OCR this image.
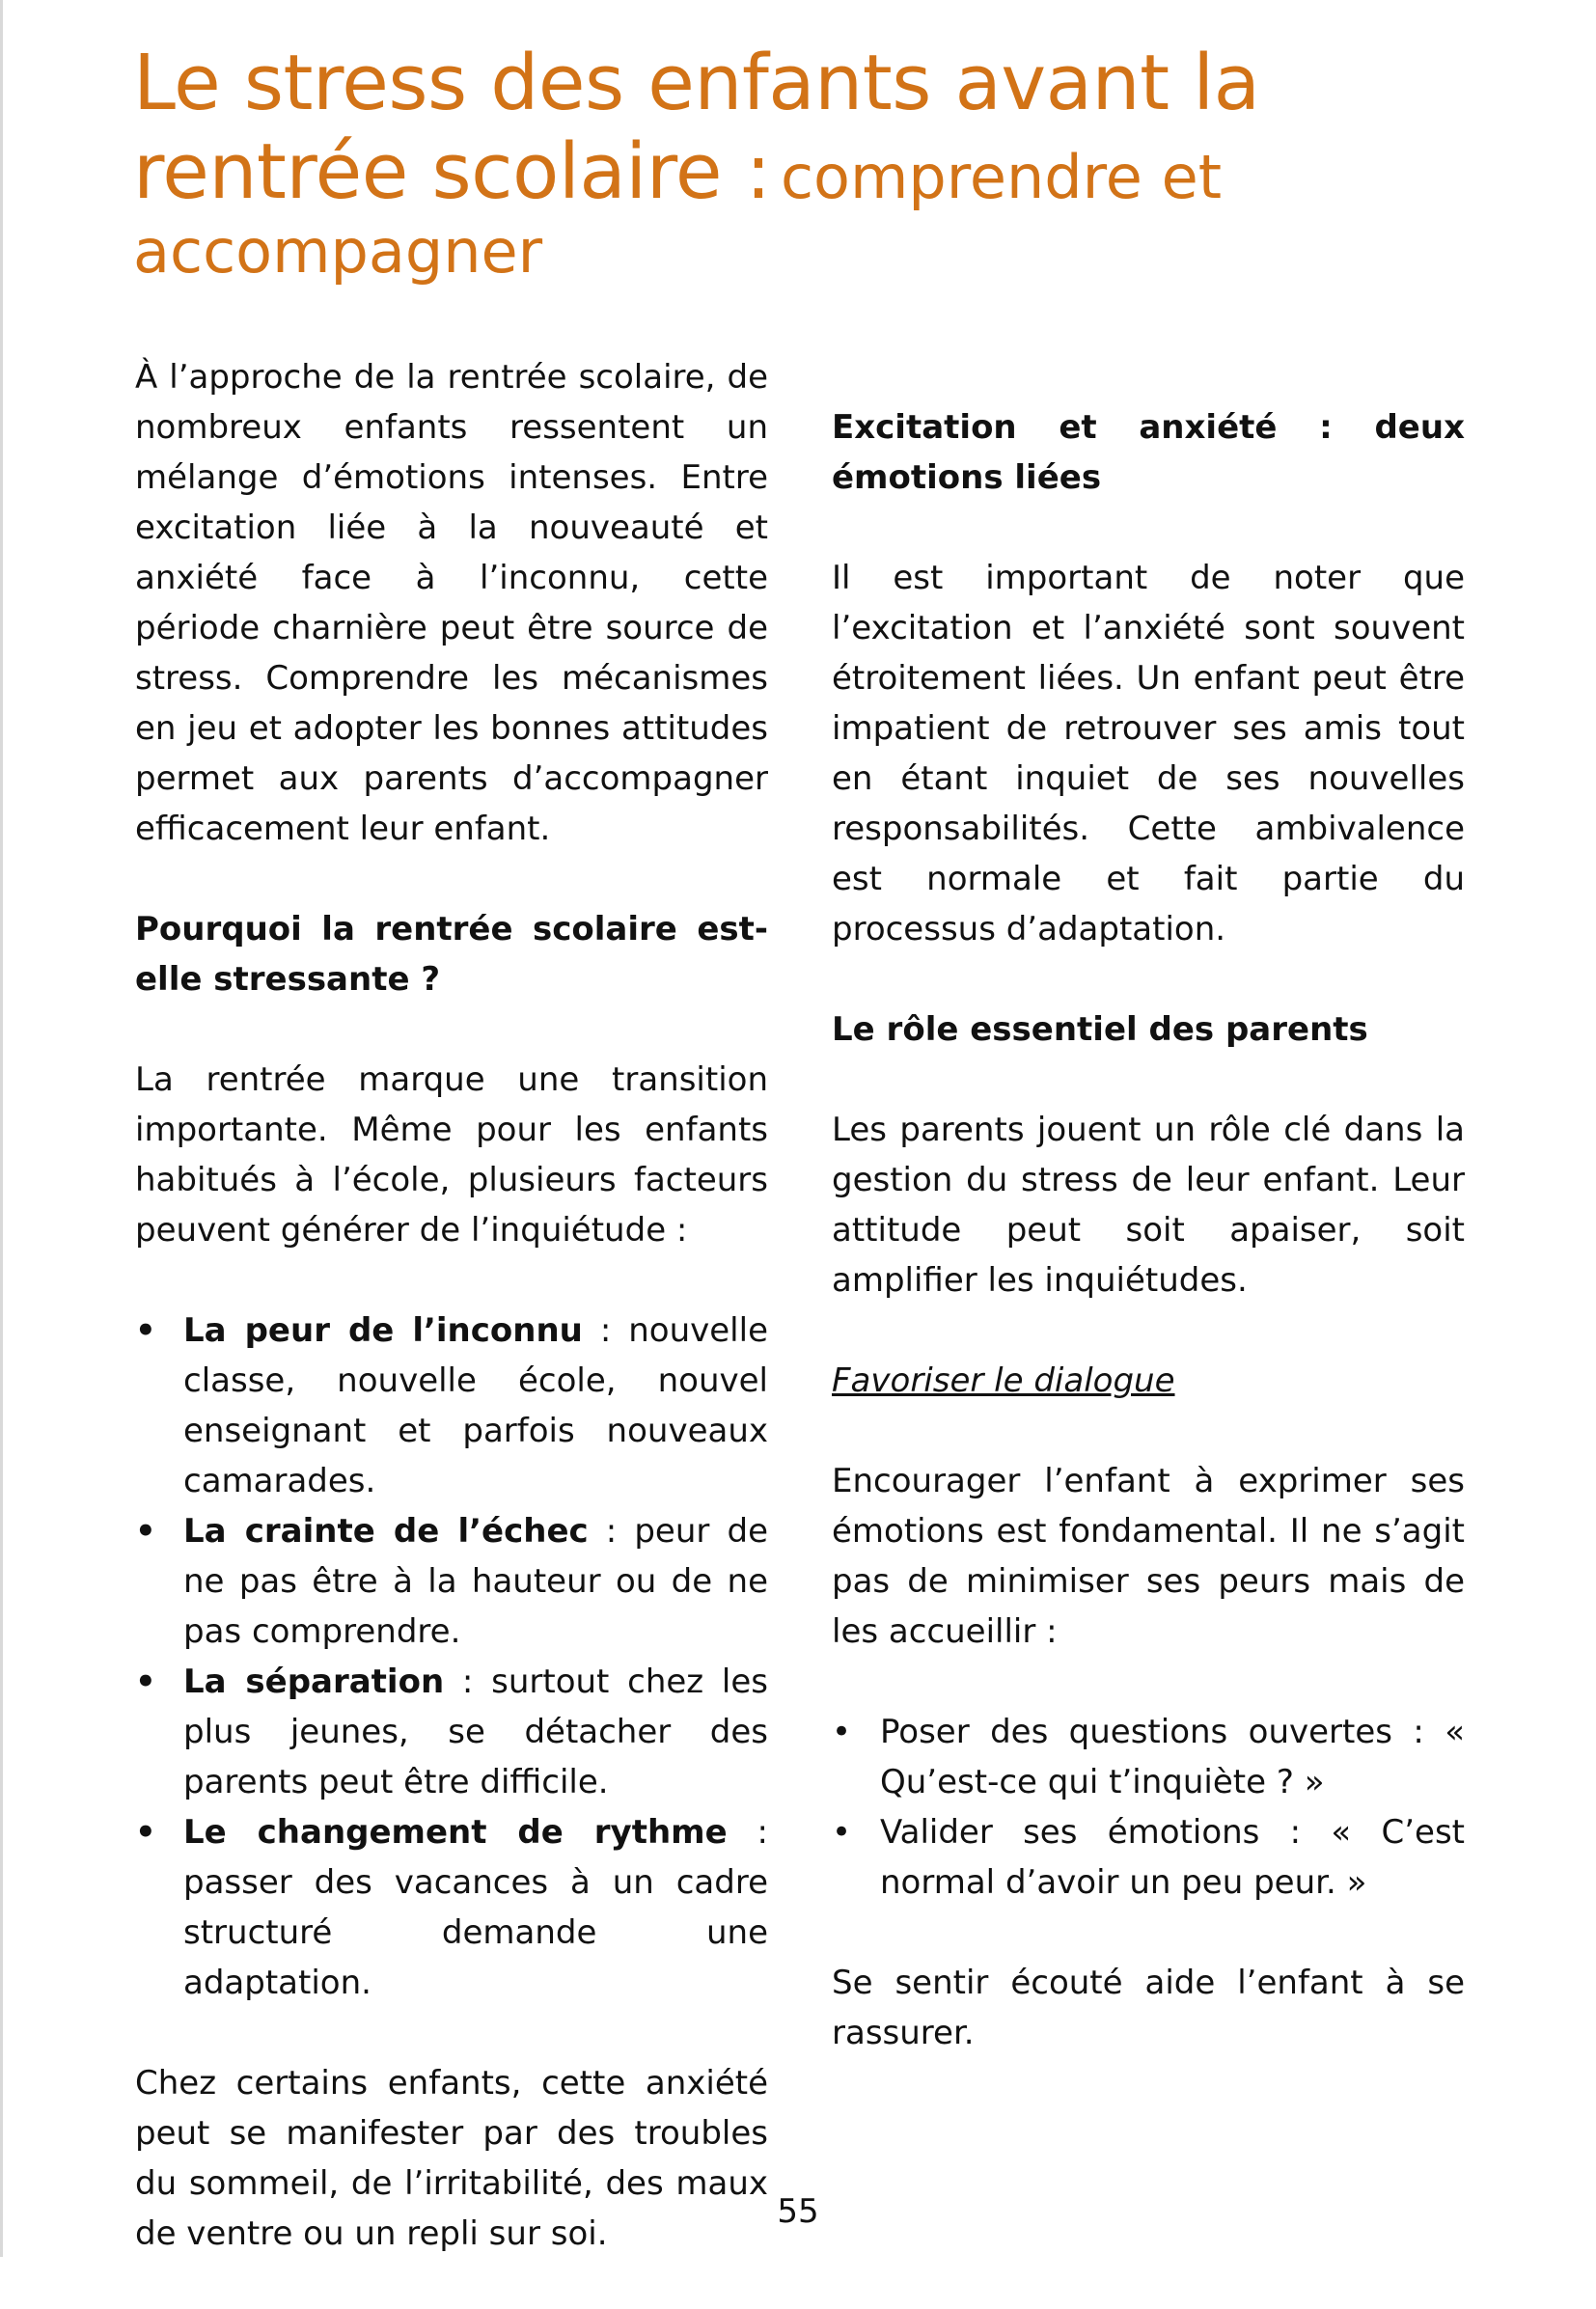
Le stress des enfants avant la rentrée scolaire : comprendre et accompagner

À l’approche de la rentrée scolaire, de nombreux enfants ressentent un mélange d’émotions intenses. Entre excitation liée à la nouveauté et anxiété face à l’inconnu, cette période charnière peut être source de stress. Comprendre les mécanismes en jeu et adopter les bonnes attitudes permet aux parents d’accompagner efficacement leur enfant.

Pourquoi la rentrée scolaire est-elle stressante ?

La rentrée marque une transition importante. Même pour les enfants habitués à l’école, plusieurs facteurs peuvent générer de l’inquiétude :

• La peur de l’inconnu : nouvelle classe, nouvelle école, nouvel enseignant et parfois nouveaux camarades.
• La crainte de l’échec : peur de ne pas être à la hauteur ou de ne pas comprendre.
• La séparation : surtout chez les plus jeunes, se détacher des parents peut être difficile.
• Le changement de rythme : passer des vacances à un cadre structuré demande une adaptation.

Chez certains enfants, cette anxiété peut se manifester par des troubles du sommeil, de l’irritabilité, des maux de ventre ou un repli sur soi.

Excitation et anxiété : deux émotions liées

Il est important de noter que l’excitation et l’anxiété sont souvent étroitement liées. Un enfant peut être impatient de retrouver ses amis tout en étant inquiet de ses nouvelles responsabilités. Cette ambivalence est normale et fait partie du processus d’adaptation.

Le rôle essentiel des parents

Les parents jouent un rôle clé dans la gestion du stress de leur enfant. Leur attitude peut soit apaiser, soit amplifier les inquiétudes.

Favoriser le dialogue

Encourager l’enfant à exprimer ses émotions est fondamental. Il ne s’agit pas de minimiser ses peurs mais de les accueillir :

• Poser des questions ouvertes : « Qu’est-ce qui t’inquiète ? »
• Valider ses émotions : « C’est normal d’avoir un peu peur. »

Se sentir écouté aide l’enfant à se rassurer.

55
